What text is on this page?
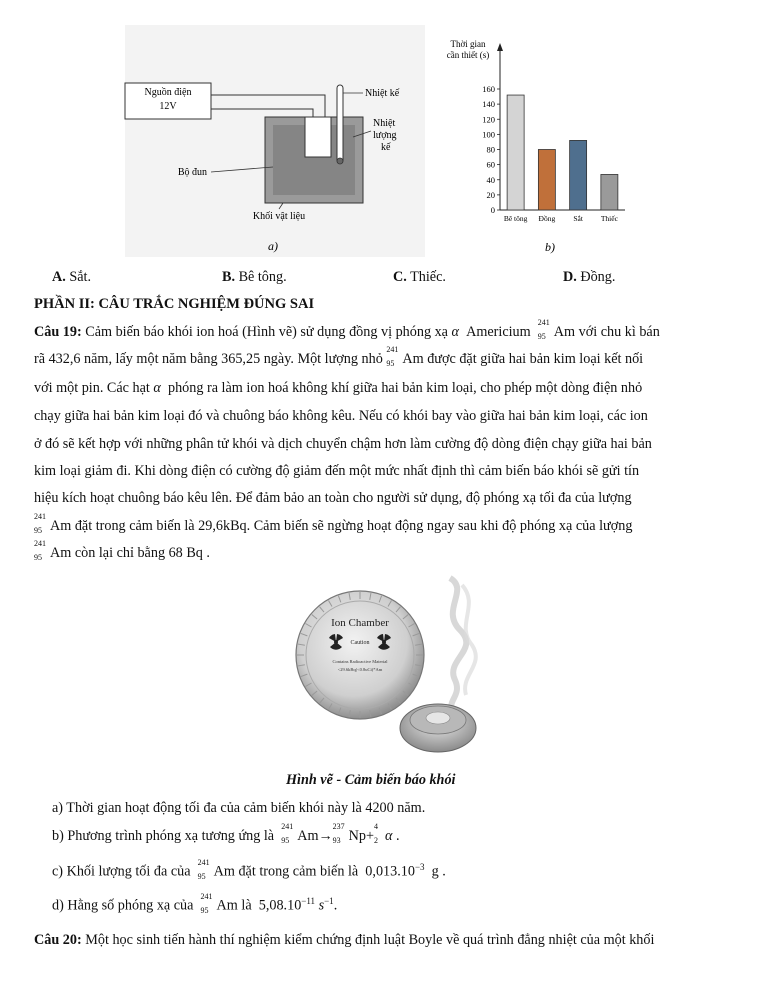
Nguồn điện
12V
Nhiệt kế
Nhiệt
lượng
kế
Bộ đun
Khối vật liệu
a)
Thời gian
cần thiết (s)
0
20
40
60
80
100
120
140
160
Bê tông Đồng Sắt Thiếc
b)
A. Sắt.	B. Bê tông.	C. Thiếc.	D. Đồng.
PHẦN II: CÂU TRẮC NGHIỆM ĐÚNG SAI
Câu 19: Cảm biến báo khói ion hoá (Hình vẽ) sử dụng đồng vị phóng xạ α Americium
241
95 Am với chu kì bán
rã 432,6 năm, lấy một năm bằng 365,25 ngày. Một lượng nhỏ
241
95 Am được đặt giữa hai bản kim loại kết nối
với một pin. Các hạt α phóng ra làm ion hoá không khí giữa hai bản kim loại, cho phép một dòng điện nhỏ
chạy giữa hai bản kim loại đó và chuông báo không kêu. Nếu có khói bay vào giữa hai bản kim loại, các ion
ở đó sẽ kết hợp với những phân tử khói và dịch chuyển chậm hơn làm cường độ dòng điện chạy giữa hai bản
kim loại giảm đi. Khi dòng điện có cường độ giảm đến một mức nhất định thì cảm biến báo khói sẽ gửi tín
hiệu kích hoạt chuông báo kêu lên. Để đảm bảo an toàn cho người sử dụng, độ phóng xạ tối đa của lượng
241
95 Am đặt trong cảm biến là 29,6kBq. Cảm biến sẽ ngừng hoạt động ngay sau khi độ phóng xạ của lượng
241
95 Am còn lại chỉ bằng 68 Bq .
Ion Chamber
Caution
Contains Radioactive Material
<29.6kBq(<0.8uCi)*Am
Hình vẽ - Cảm biến báo khói
a) Thời gian hoạt động tối đa của cảm biến khói này là 4200 năm.
b) Phương trình phóng xạ tương ứng là
241
95 Am→
237
93 Np+
4
2 α .
c) Khối lượng tối đa của
241
95 Am đặt trong cảm biến là $0,013.10^{-3}$ g .
d) Hằng số phóng xạ của
241
95 Am là $5,08.10^{-11}$ $s^{-1}$.
Câu 20: Một học sinh tiến hành thí nghiệm kiểm chứng định luật Boyle về quá trình đẳng nhiệt của một khối
